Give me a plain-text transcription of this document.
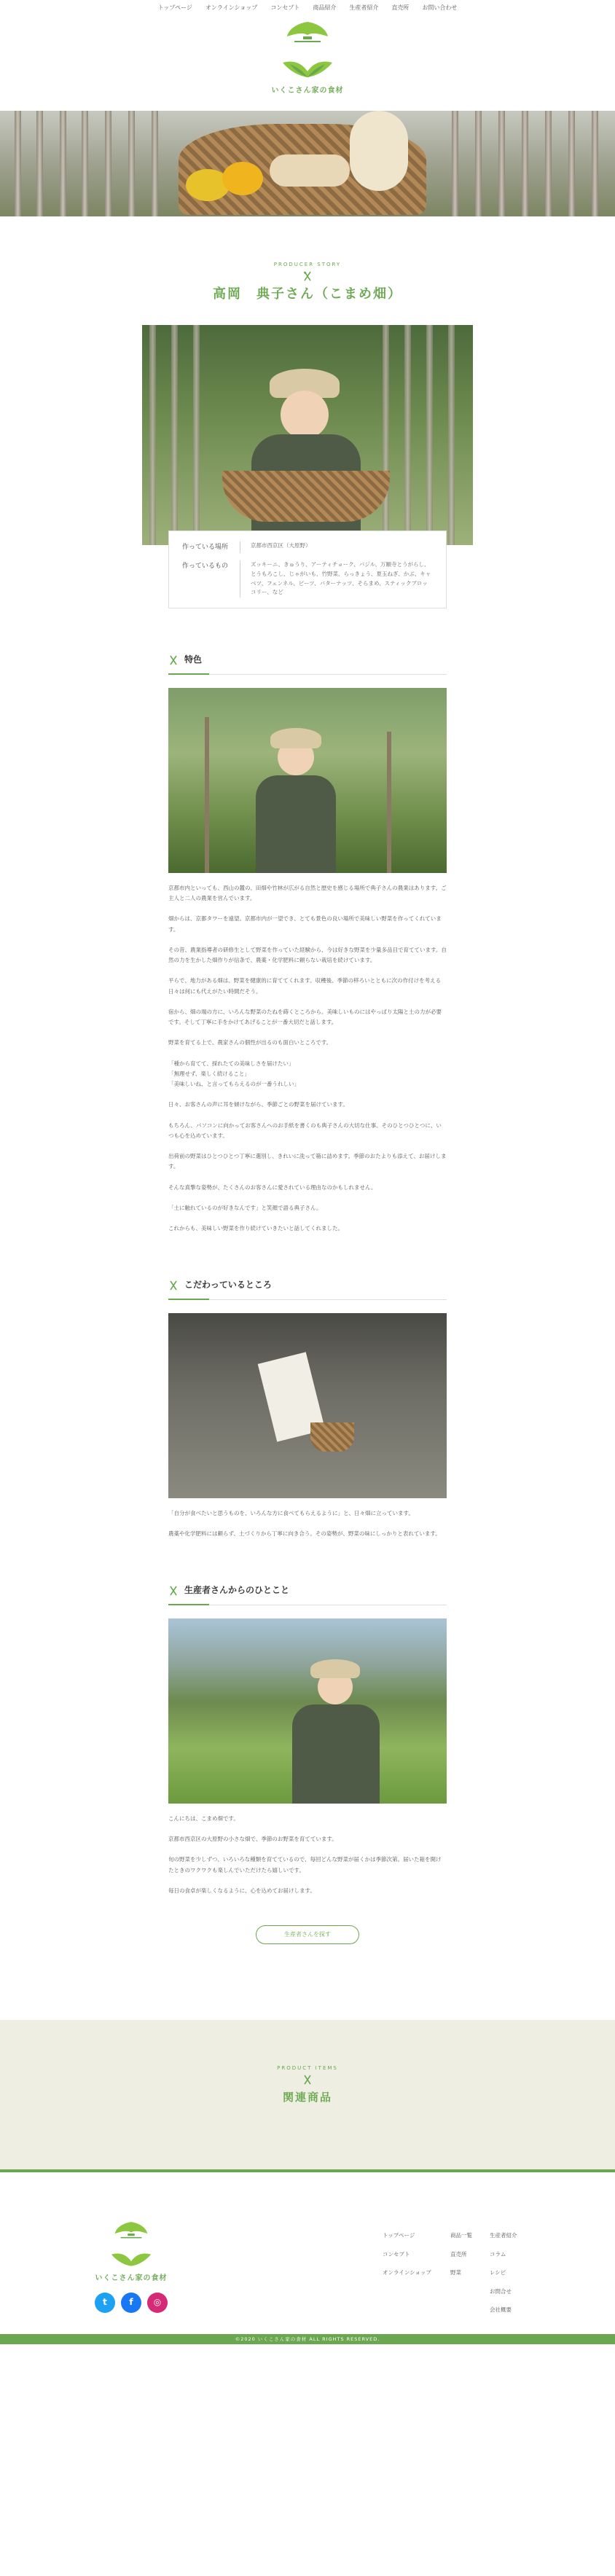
トップページ オンラインショップ コンセプト 商品紹介 生産者紹介 直売所 お問い合わせ
いくこさん家の食材
PRODUCER STORY
高岡　典子さん（こまめ畑）
作っている場所	京都市西京区（大原野）
作っているもの	ズッキーニ、きゅうり、アーティチョーク、バジル、万願寺とうがらし、とうもろこし、じゃがいも、竹野菜、らっきょう、夏玉ねぎ、かぶ、キャベツ、フェンネル、ビーツ、バターナッツ、そらまめ、スティックブロッコリー、など
特色

京都市内といっても、西山の麓の、田畑や竹林が広がる自然と歴史を感じる場所で典子さんの農業はあります。ご主人と二人の農業を営んでいます。

畑からは、京都タワーを遠望。京都市内が一望でき、とても景色の良い場所で美味しい野菜を作ってくれています。

その昔、農業指導者の研修生として野菜を作っていた経験から、今は好きな野菜を少量多品目で育てています。自然の力を生かした畑作りが信条で、農薬・化学肥料に頼らない栽培を続けています。

平らで、地力がある畑は、野菜を健康的に育ててくれます。収穫後、季節の移ろいとともに次の作付けを考える日々は何にも代えがたい時間だそう。

宿から、畑の端の方に、いろんな野菜のたねを蒔くところから。美味しいものにはやっぱり太陽と土の力が必要です。そして丁寧に手をかけてあげることが一番大切だと話します。

野菜を育てる上で、農家さんの個性が出るのも面白いところです。

「種から育てて、採れたての美味しさを届けたい」
「無理せず、楽しく続けること」
「美味しいね、と言ってもらえるのが一番うれしい」

日々、お客さんの声に耳を傾けながら、季節ごとの野菜を届けています。

もちろん、パソコンに向かってお客さんへのお手紙を書くのも典子さんの大切な仕事。そのひとつひとつに、いつも心を込めています。

出荷前の野菜はひとつひとつ丁寧に選別し、きれいに洗って箱に詰めます。季節のおたよりも添えて、お届けします。

そんな真摯な姿勢が、たくさんのお客さんに愛されている理由なのかもしれません。

「土に触れているのが好きなんです」と笑顔で語る典子さん。

これからも、美味しい野菜を作り続けていきたいと話してくれました。

こだわっているところ

「自分が食べたいと思うものを、いろんな方に食べてもらえるように」と、日々畑に立っています。

農薬や化学肥料には頼らず、土づくりから丁寧に向き合う。その姿勢が、野菜の味にしっかりと表れています。

生産者さんからのひとこと

こんにちは、こまめ畑です。

京都市西京区の大原野の小さな畑で、季節のお野菜を育てています。

旬の野菜を少しずつ、いろいろな種類を育てているので、毎回どんな野菜が届くかは季節次第。届いた箱を開けたときのワクワクも楽しんでいただけたら嬉しいです。

毎日の食卓が楽しくなるように、心を込めてお届けします。

生産者さんを探す
PRODUCT ITEMS
関連商品
いくこさん家の食材
t	f	◎
トップページ
コンセプト
オンラインショップ
商品一覧
直売所
野菜
生産者紹介
コラム
レシピ
お問合せ
会社概要
©2020 いくこさん家の食材 ALL RIGHTS RESERVED.
